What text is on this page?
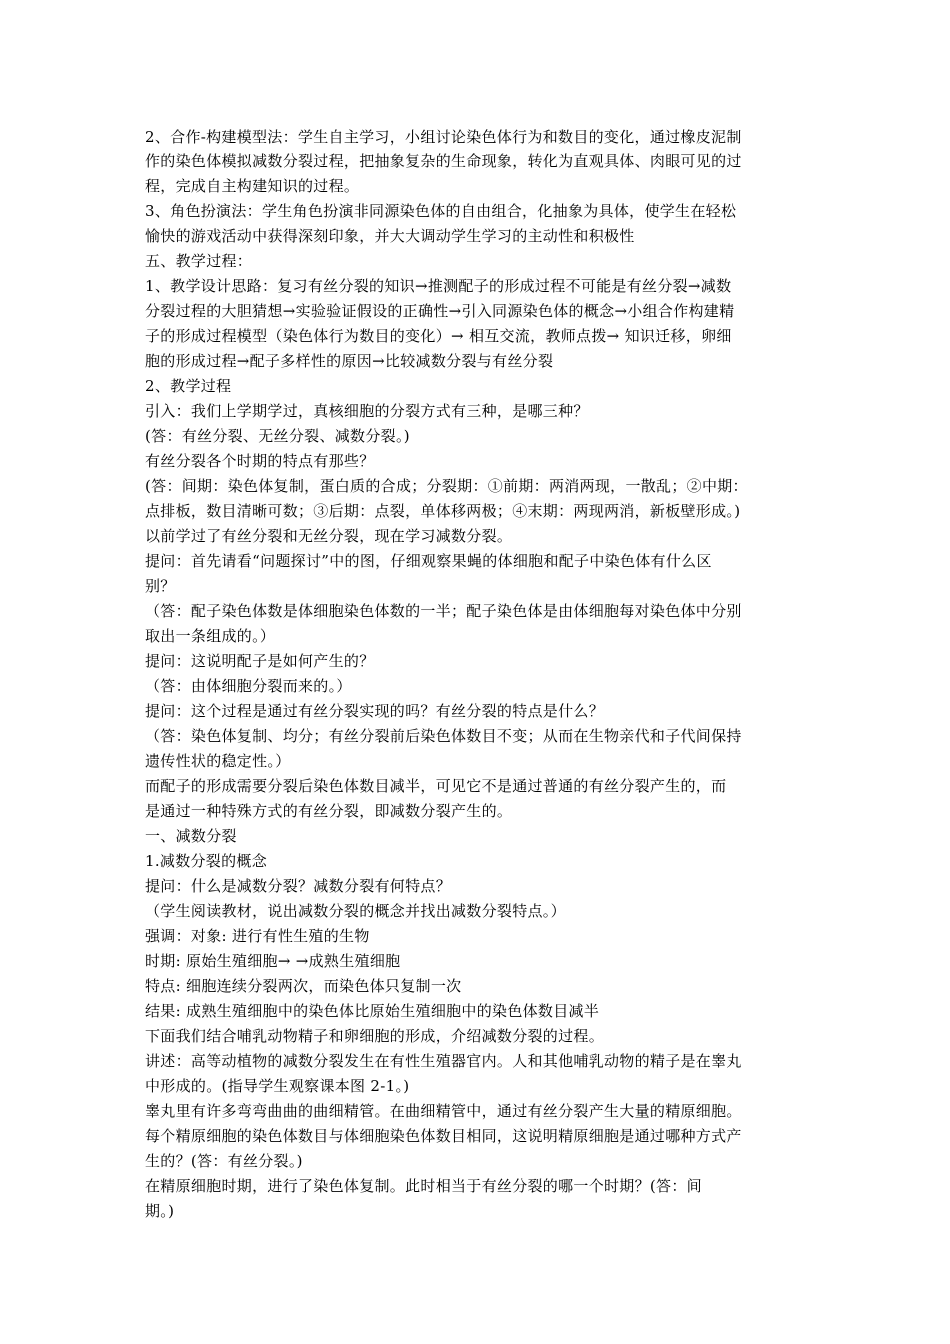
2、合作-构建模型法：学生自主学习，小组讨论染色体行为和数目的变化，通过橡皮泥制
作的染色体模拟减数分裂过程，把抽象复杂的生命现象，转化为直观具体、肉眼可见的过
程，完成自主构建知识的过程。
3、角色扮演法：学生角色扮演非同源染色体的自由组合，化抽象为具体，使学生在轻松
愉快的游戏活动中获得深刻印象，并大大调动学生学习的主动性和积极性
五、教学过程：
1、教学设计思路：复习有丝分裂的知识→推测配子的形成过程不可能是有丝分裂→减数
分裂过程的大胆猜想→实验验证假设的正确性→引入同源染色体的概念→小组合作构建精
子的形成过程模型（染色体行为数目的变化）→ 相互交流，教师点拨→ 知识迁移，卵细
胞的形成过程→配子多样性的原因→比较减数分裂与有丝分裂
2、教学过程
引入：我们上学期学过，真核细胞的分裂方式有三种，是哪三种？
(答：有丝分裂、无丝分裂、减数分裂。)
有丝分裂各个时期的特点有那些？
(答：间期：染色体复制，蛋白质的合成；分裂期：①前期：两消两现，一散乱；②中期：
点排板，数目清晰可数；③后期：点裂，单体移两极；④末期：两现两消，新板壁形成。)
以前学过了有丝分裂和无丝分裂，现在学习减数分裂。
提问：首先请看“问题探讨”中的图，仔细观察果蝇的体细胞和配子中染色体有什么区
别？
（答：配子染色体数是体细胞染色体数的一半；配子染色体是由体细胞每对染色体中分别
取出一条组成的。）
提问：这说明配子是如何产生的？
（答：由体细胞分裂而来的。）
提问：这个过程是通过有丝分裂实现的吗？有丝分裂的特点是什么？
（答：染色体复制、均分；有丝分裂前后染色体数目不变；从而在生物亲代和子代间保持
遗传性状的稳定性。）
而配子的形成需要分裂后染色体数目减半，可见它不是通过普通的有丝分裂产生的，而
是通过一种特殊方式的有丝分裂，即减数分裂产生的。
一、减数分裂
1.减数分裂的概念
提问：什么是减数分裂？减数分裂有何特点？
（学生阅读教材，说出减数分裂的概念并找出减数分裂特点。）
强调：对象: 进行有性生殖的生物
时期: 原始生殖细胞→ →成熟生殖细胞
特点: 细胞连续分裂两次，而染色体只复制一次
结果: 成熟生殖细胞中的染色体比原始生殖细胞中的染色体数目减半
下面我们结合哺乳动物精子和卵细胞的形成，介绍减数分裂的过程。
讲述：高等动植物的减数分裂发生在有性生殖器官内。人和其他哺乳动物的精子是在睾丸
中形成的。(指导学生观察课本图 2-1。)
睾丸里有许多弯弯曲曲的曲细精管。在曲细精管中，通过有丝分裂产生大量的精原细胞。
每个精原细胞的染色体数目与体细胞染色体数目相同，这说明精原细胞是通过哪种方式产
生的？(答：有丝分裂。)
在精原细胞时期，进行了染色体复制。此时相当于有丝分裂的哪一个时期？(答：间
期。)
